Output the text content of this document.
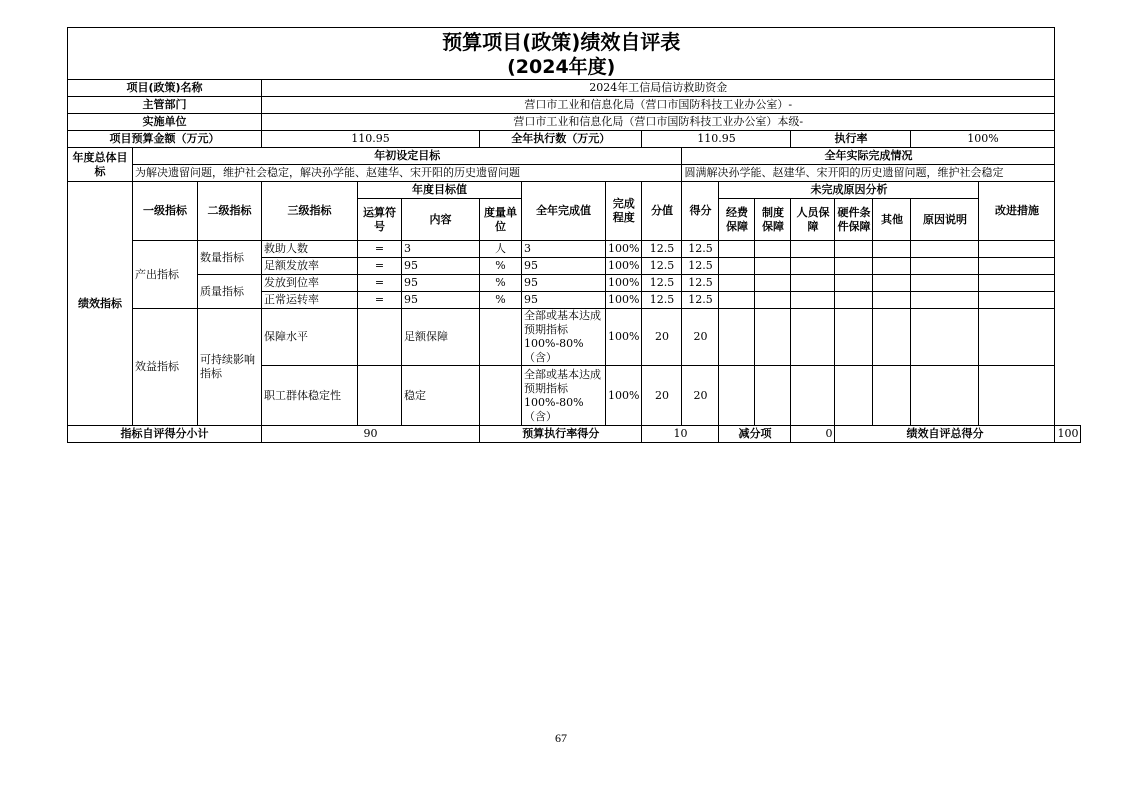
预算项目(政策)绩效自评表
(2024年度)																		

项目(政策)名称			2024年工信局信访救助资金															
主管部门			营口市工业和信息化局（营口市国防科技工业办公室）-															
实施单位			营口市工业和信息化局（营口市国防科技工业办公室）本级-															
项目预算金额（万元）			110.95			全年执行数（万元）			110.95				执行率			100%		
年度总体目标	年初设定目标									全年实际完成情况								
	为解决遗留问题，维护社会稳定，解决孙学能、赵建华、宋开阳的历史遗留问题									圆满解决孙学能、赵建华、宋开阳的历史遗留问题，维护社会稳定								
绩效指标	一级指标	二级指标	三级指标	年度目标值			全年完成值	完成程度	分值	得分	未完成原因分析						改进措施	
				运算符号	内容	度量单位					经费保障	制度保障	人员保障	硬件条件保障	其他	原因说明		
	产出指标	数量指标	救助人数	=	3	人	3	100%	12.5	12.5								
			足额发放率	=	95	%	95	100%	12.5	12.5								
		质量指标	发放到位率	=	95	%	95	100%	12.5	12.5								
			正常运转率	=	95	%	95	100%	12.5	12.5								
	效益指标	可持续影响指标	保障水平		足额保障		全部或基本达成预期指标100%-80%（含）	100%	20	20								

			职工群体稳定性		稳定		全部或基本达成预期指标100%-80%（含）	100%	20	20								

指标自评得分小计			90			预算执行率得分			10		减分项		0	绩效自评总得分				100
67
